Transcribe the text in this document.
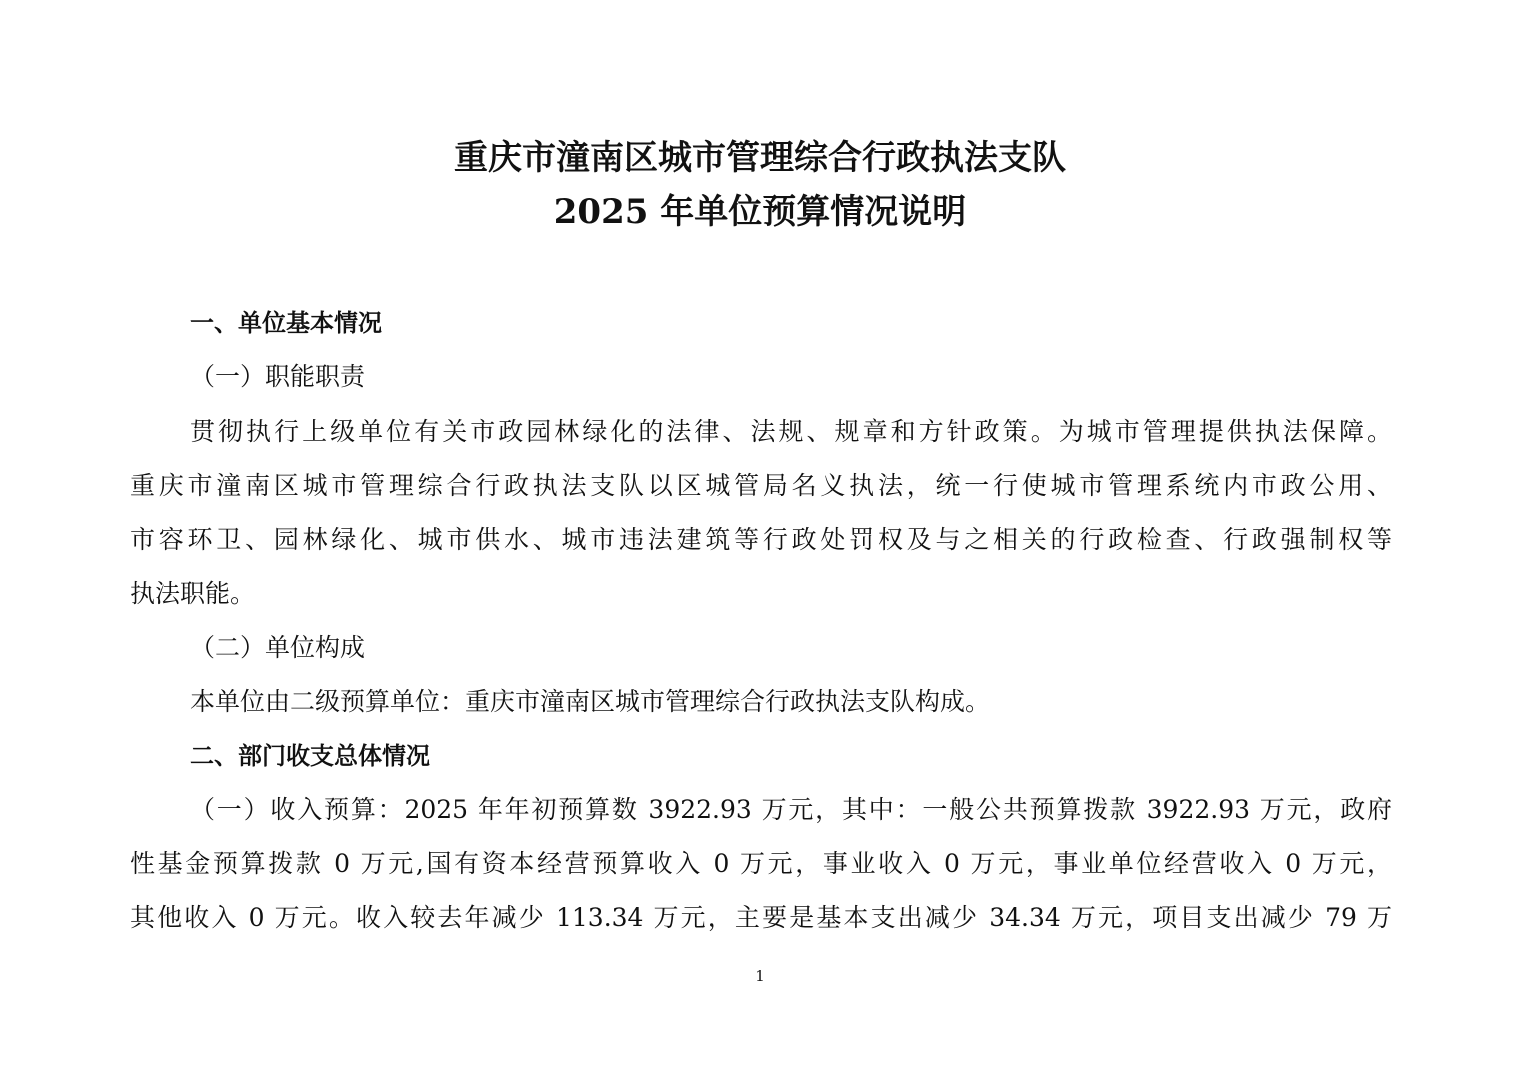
重庆市潼南区城市管理综合行政执法支队
2025 年单位预算情况说明
一、单位基本情况
（一）职能职责
贯彻执行上级单位有关市政园林绿化的法律、法规、规章和方针政策。为城市管理提供执法保障。
重庆市潼南区城市管理综合行政执法支队以区城管局名义执法，统一行使城市管理系统内市政公用、
市容环卫、园林绿化、城市供水、城市违法建筑等行政处罚权及与之相关的行政检查、行政强制权等
执法职能。
（二）单位构成
本单位由二级预算单位：重庆市潼南区城市管理综合行政执法支队构成。
二、部门收支总体情况
（一）收入预算：2025 年年初预算数 3922.93 万元，其中：一般公共预算拨款 3922.93 万元，政府
性基金预算拨款 0 万元,国有资本经营预算收入 0 万元，事业收入 0 万元，事业单位经营收入 0 万元，
其他收入 0 万元。收入较去年减少 113.34 万元，主要是基本支出减少 34.34 万元，项目支出减少 79 万
1
